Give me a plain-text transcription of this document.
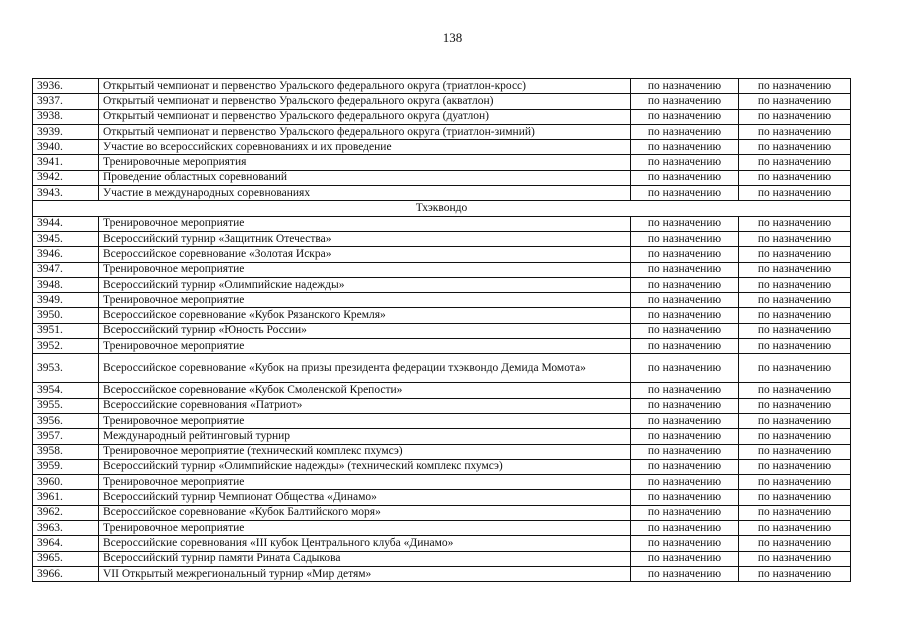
138
3936.	Открытый чемпионат и первенство Уральского федерального округа (триатлон-кросс)	по назначению	по назначению
3937.	Открытый чемпионат и первенство Уральского федерального округа (акватлон)	по назначению	по назначению
3938.	Открытый чемпионат и первенство Уральского федерального округа (дуатлон)	по назначению	по назначению
3939.	Открытый чемпионат и первенство Уральского федерального округа (триатлон-зимний)	по назначению	по назначению
3940.	Участие во всероссийских соревнованиях и их проведение	по назначению	по назначению
3941.	Тренировочные мероприятия	по назначению	по назначению
3942.	Проведение областных соревнований	по назначению	по назначению
3943.	Участие в международных соревнованиях	по назначению	по назначению
Тхэквондо			
3944.	Тренировочное мероприятие	по назначению	по назначению
3945.	Всероссийский турнир «Защитник Отечества»	по назначению	по назначению
3946.	Всероссийское соревнование «Золотая Искра»	по назначению	по назначению
3947.	Тренировочное мероприятие	по назначению	по назначению
3948.	Всероссийский турнир «Олимпийские надежды»	по назначению	по назначению
3949.	Тренировочное мероприятие	по назначению	по назначению
3950.	Всероссийское соревнование «Кубок Рязанского Кремля»	по назначению	по назначению
3951.	Всероссийский турнир «Юность России»	по назначению	по назначению
3952.	Тренировочное мероприятие	по назначению	по назначению
3953.	Всероссийское соревнование «Кубок на призы президента федерации тхэквондо Демида Момота»	по назначению	по назначению
3954.	Всероссийское соревнование «Кубок Смоленской Крепости»	по назначению	по назначению
3955.	Всероссийские соревнования «Патриот»	по назначению	по назначению
3956.	Тренировочное мероприятие	по назначению	по назначению
3957.	Международный рейтинговый турнир	по назначению	по назначению
3958.	Тренировочное мероприятие (технический комплекс пхумсэ)	по назначению	по назначению
3959.	Всероссийский турнир «Олимпийские надежды» (технический комплекс пхумсэ)	по назначению	по назначению
3960.	Тренировочное мероприятие	по назначению	по назначению
3961.	Всероссийский турнир Чемпионат Общества «Динамо»	по назначению	по назначению
3962.	Всероссийское соревнование «Кубок Балтийского моря»	по назначению	по назначению
3963.	Тренировочное мероприятие	по назначению	по назначению
3964.	Всероссийские соревнования «III кубок Центрального клуба «Динамо»	по назначению	по назначению
3965.	Всероссийский турнир памяти Рината Садыкова	по назначению	по назначению
3966.	VII Открытый межрегиональный турнир «Мир детям»	по назначению	по назначению
